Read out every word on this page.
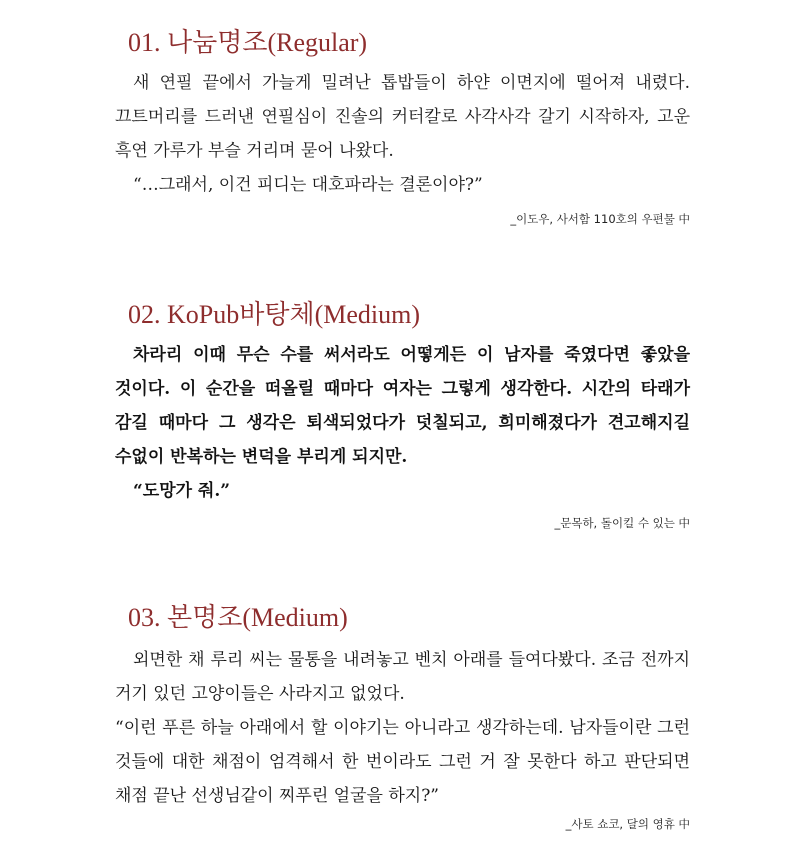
01. 나눔명조(Regular)

새 연필 끝에서 가늘게 밀려난 톱밥들이 하얀 이면지에 떨어져 내렸다. 끄트머리를 드러낸 연필심이 진솔의 커터칼로 사각사각 갈기 시작하자, 고운 흑연 가루가 부슬 거리며 묻어 나왔다.

“…그래서, 이건 피디는 대호파라는 결론이야?”

_이도우, 사서함 110호의 우편물 中

02. KoPub바탕체(Medium)

차라리 이때 무슨 수를 써서라도 어떻게든 이 남자를 죽였다면 좋았을 것이다. 이 순간을 떠올릴 때마다 여자는 그렇게 생각한다. 시간의 타래가 감길 때마다 그 생각은 퇴색되었다가 덧칠되고, 희미해졌다가 견고해지길 수없이 반복하는 변덕을 부리게 되지만.

“도망가 줘.”

_문목하, 돌이킬 수 있는 中

03. 본명조(Medium)

외면한 채 루리 씨는 물통을 내려놓고 벤치 아래를 들여다봤다. 조금 전까지 거기 있던 고양이들은 사라지고 없었다.

“이런 푸른 하늘 아래에서 할 이야기는 아니라고 생각하는데. 남자들이란 그런 것들에 대한 채점이 엄격해서 한 번이라도 그런 거 잘 못한다 하고 판단되면 채점 끝난 선생님같이 찌푸린 얼굴을 하지?”

_사토 쇼코, 달의 영휴 中
